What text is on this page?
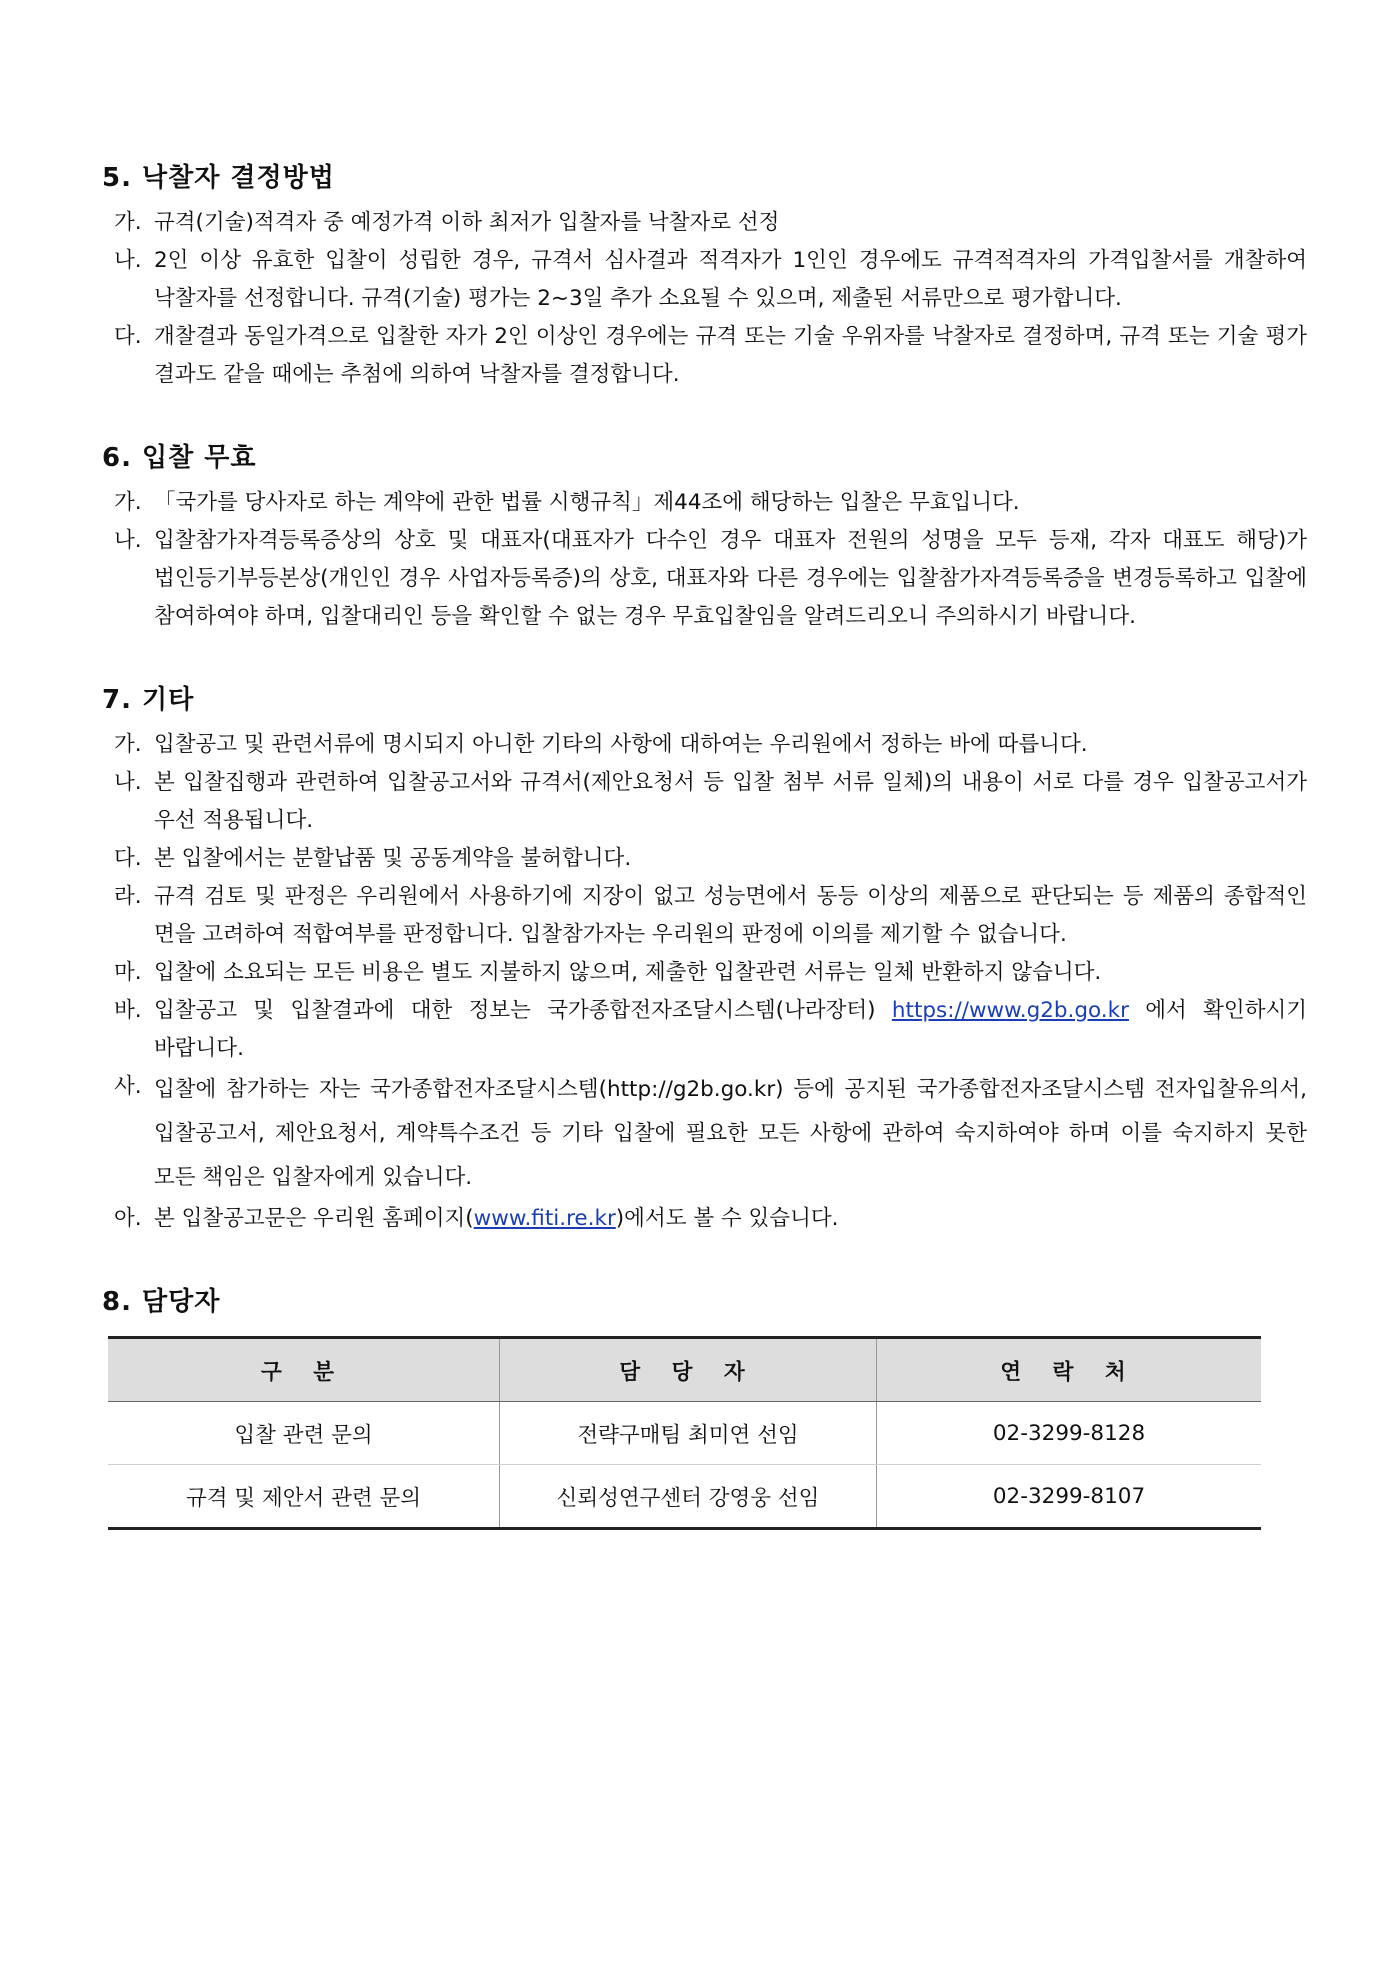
5. 낙찰자 결정방법
가. 규격(기술)적격자 중 예정가격 이하 최저가 입찰자를 낙찰자로 선정
나. 2인 이상 유효한 입찰이 성립한 경우, 규격서 심사결과 적격자가 1인인 경우에도 규격적격자의 가격입찰서를 개찰하여 낙찰자를 선정합니다. 규격(기술) 평가는 2~3일 추가 소요될 수 있으며, 제출된 서류만으로 평가합니다.
다. 개찰결과 동일가격으로 입찰한 자가 2인 이상인 경우에는 규격 또는 기술 우위자를 낙찰자로 결정하며, 규격 또는 기술 평가 결과도 같을 때에는 추첨에 의하여 낙찰자를 결정합니다.
6. 입찰 무효
가. 「국가를 당사자로 하는 계약에 관한 법률 시행규칙」제44조에 해당하는 입찰은 무효입니다.
나. 입찰참가자격등록증상의 상호 및 대표자(대표자가 다수인 경우 대표자 전원의 성명을 모두 등재, 각자 대표도 해당)가 법인등기부등본상(개인인 경우 사업자등록증)의 상호, 대표자와 다른 경우에는 입찰참가자격등록증을 변경등록하고 입찰에 참여하여야 하며, 입찰대리인 등을 확인할 수 없는 경우 무효입찰임을 알려드리오니 주의하시기 바랍니다.
7. 기타
가. 입찰공고 및 관련서류에 명시되지 아니한 기타의 사항에 대하여는 우리원에서 정하는 바에 따릅니다.
나. 본 입찰집행과 관련하여 입찰공고서와 규격서(제안요청서 등 입찰 첨부 서류 일체)의 내용이 서로 다를 경우 입찰공고서가 우선 적용됩니다.
다. 본 입찰에서는 분할납품 및 공동계약을 불허합니다.
라. 규격 검토 및 판정은 우리원에서 사용하기에 지장이 없고 성능면에서 동등 이상의 제품으로 판단되는 등 제품의 종합적인 면을 고려하여 적합여부를 판정합니다. 입찰참가자는 우리원의 판정에 이의를 제기할 수 없습니다.
마. 입찰에 소요되는 모든 비용은 별도 지불하지 않으며, 제출한 입찰관련 서류는 일체 반환하지 않습니다.
바. 입찰공고 및 입찰결과에 대한 정보는 국가종합전자조달시스템(나라장터) https://www.g2b.go.kr 에서 확인하시기 바랍니다.
사. 입찰에 참가하는 자는 국가종합전자조달시스템(http://g2b.go.kr) 등에 공지된 국가종합전자조달시스템 전자입찰유의서, 입찰공고서, 제안요청서, 계약특수조건 등 기타 입찰에 필요한 모든 사항에 관하여 숙지하여야 하며 이를 숙지하지 못한 모든 책임은 입찰자에게 있습니다.
아. 본 입찰공고문은 우리원 홈페이지(www.fiti.re.kr)에서도 볼 수 있습니다.
8. 담당자
구 분	담 당 자	연 락 처
입찰 관련 문의	전략구매팀 최미연 선임	02-3299-8128
규격 및 제안서 관련 문의	신뢰성연구센터 강영웅 선임	02-3299-8107
